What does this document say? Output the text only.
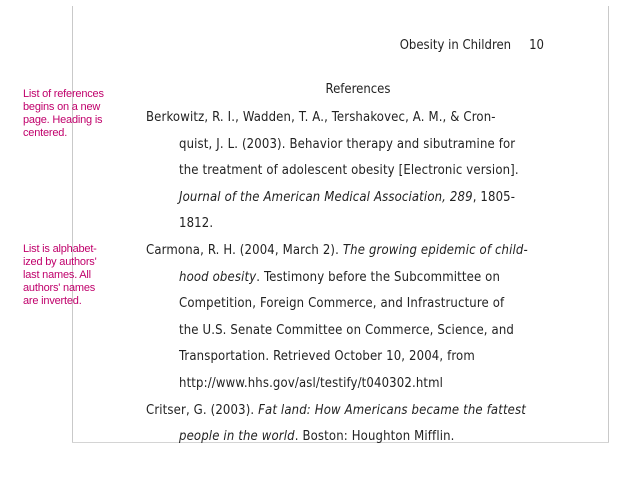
List of references
begins on a new
page. Heading is
centered.

List is alphabet-
ized by authors'
last names. All
authors' names
are inverted.

Obesity in Children 10
References

Berkowitz, R. I., Wadden, T. A., Tershakovec, A. M., & Cron-

quist, J. L. (2003). Behavior therapy and sibutramine for

the treatment of adolescent obesity [Electronic version].

Journal of the American Medical Association, 289, 1805-

1812.

Carmona, R. H. (2004, March 2). The growing epidemic of child-

hood obesity. Testimony before the Subcommittee on

Competition, Foreign Commerce, and Infrastructure of

the U.S. Senate Committee on Commerce, Science, and

Transportation. Retrieved October 10, 2004, from

http://www.hhs.gov/asl/testify/t040302.html

Critser, G. (2003). Fat land: How Americans became the fattest

people in the world. Boston: Houghton Mifflin.
